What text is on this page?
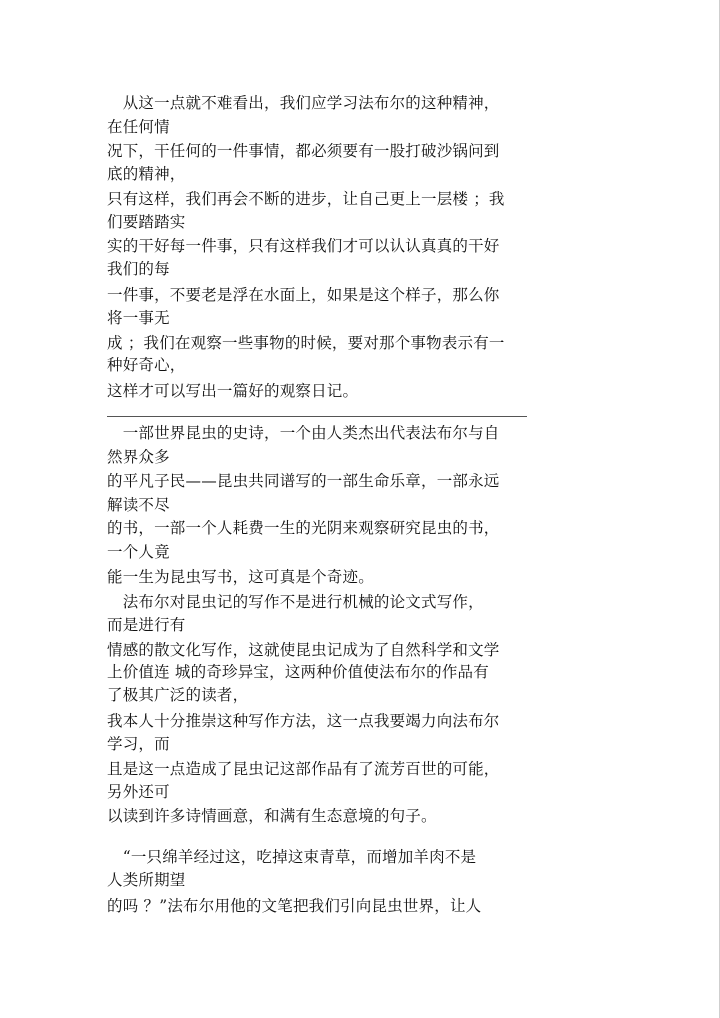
　从这一点就不难看出，我们应学习法布尔的这种精神，
在任何情
况下，干任何的一件事情，都必须要有一股打破沙锅问到
底的精神，
只有这样，我们再会不断的进步，让自己更上一层楼 ；我
们要踏踏实
实的干好每一件事，只有这样我们才可以认认真真的干好
我们的每
一件事，不要老是浮在水面上，如果是这个样子，那么你
将一事无
成 ；我们在观察一些事物的时候，要对那个事物表示有一
种好奇心，
这样才可以写出一篇好的观察日记。
　一部世界昆虫的史诗，一个由人类杰出代表法布尔与自
然界众多
的平凡子民——昆虫共同谱写的一部生命乐章，一部永远
解读不尽
的书，一部一个人耗费一生的光阴来观察研究昆虫的书，
一个人竟
能一生为昆虫写书，这可真是个奇迹。
　法布尔对昆虫记的写作不是进行机械的论文式写作，
而是进行有
情感的散文化写作，这就使昆虫记成为了自然科学和文学
上价值连 城的奇珍异宝，这两种价值使法布尔的作品有
了极其广泛的读者，
我本人十分推崇这种写作方法，这一点我要竭力向法布尔
学习，而
且是这一点造成了昆虫记这部作品有了流芳百世的可能，
另外还可
以读到许多诗情画意，和满有生态意境的句子。
　“一只绵羊经过这，吃掉这束青草，而增加羊肉不是
人类所期望
的吗 ？”法布尔用他的文笔把我们引向昆虫世界，让人
